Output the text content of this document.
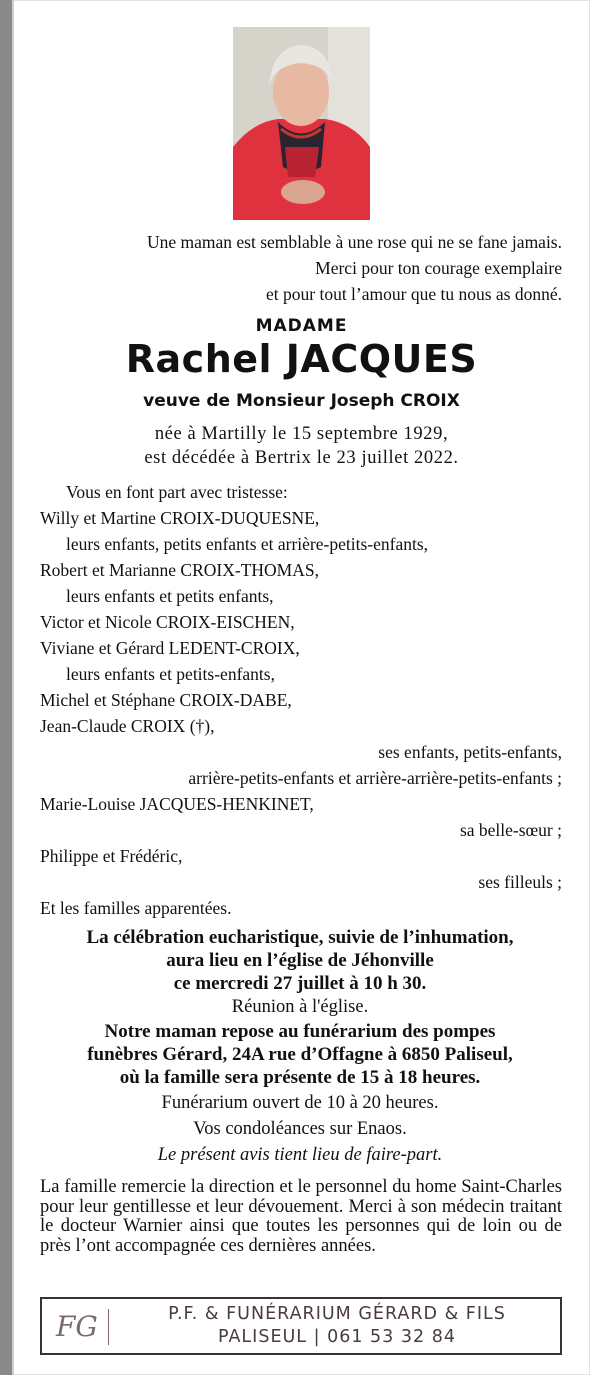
Une maman est semblable à une rose qui ne se fane jamais.
Merci pour ton courage exemplaire
et pour tout l’amour que tu nous as donné.
MADAME
Rachel JACQUES
veuve de Monsieur Joseph CROIX
née à Martilly le 15 septembre 1929,
est décédée à Bertrix le 23 juillet 2022.
Vous en font part avec tristesse:
Willy et Martine CROIX-DUQUESNE,
leurs enfants, petits enfants et arrière-petits-enfants,
Robert et Marianne CROIX-THOMAS,
leurs enfants et petits enfants,
Victor et Nicole CROIX-EISCHEN,
Viviane et Gérard LEDENT-CROIX,
leurs enfants et petits-enfants,
Michel et Stéphane CROIX-DABE,
Jean-Claude CROIX (†),
ses enfants, petits-enfants,
arrière-petits-enfants et arrière-arrière-petits-enfants ;
Marie-Louise JACQUES-HENKINET,
sa belle-sœur ;
Philippe et Frédéric,
ses filleuls ;
Et les familles apparentées.
La célébration eucharistique, suivie de l’inhumation,
aura lieu en l’église de Jéhonville
ce mercredi 27 juillet à 10 h 30.
Réunion à l'église.
Notre maman repose au funérarium des pompes
funèbres Gérard, 24A rue d’Offagne à 6850 Paliseul,
où la famille sera présente de 15 à 18 heures.
Funérarium ouvert de 10 à 20 heures.
Vos condoléances sur Enaos.
Le présent avis tient lieu de faire-part.
La famille remercie la direction et le personnel du home Saint-Charles pour leur gentillesse et leur dévouement. Merci à son médecin traitant le docteur Warnier ainsi que toutes les personnes qui de loin ou de près l’ont accompagnée ces dernières années.
FG	P.F. & FUNÉRARIUM GÉRARD & FILS
PALISEUL | 061 53 32 84
